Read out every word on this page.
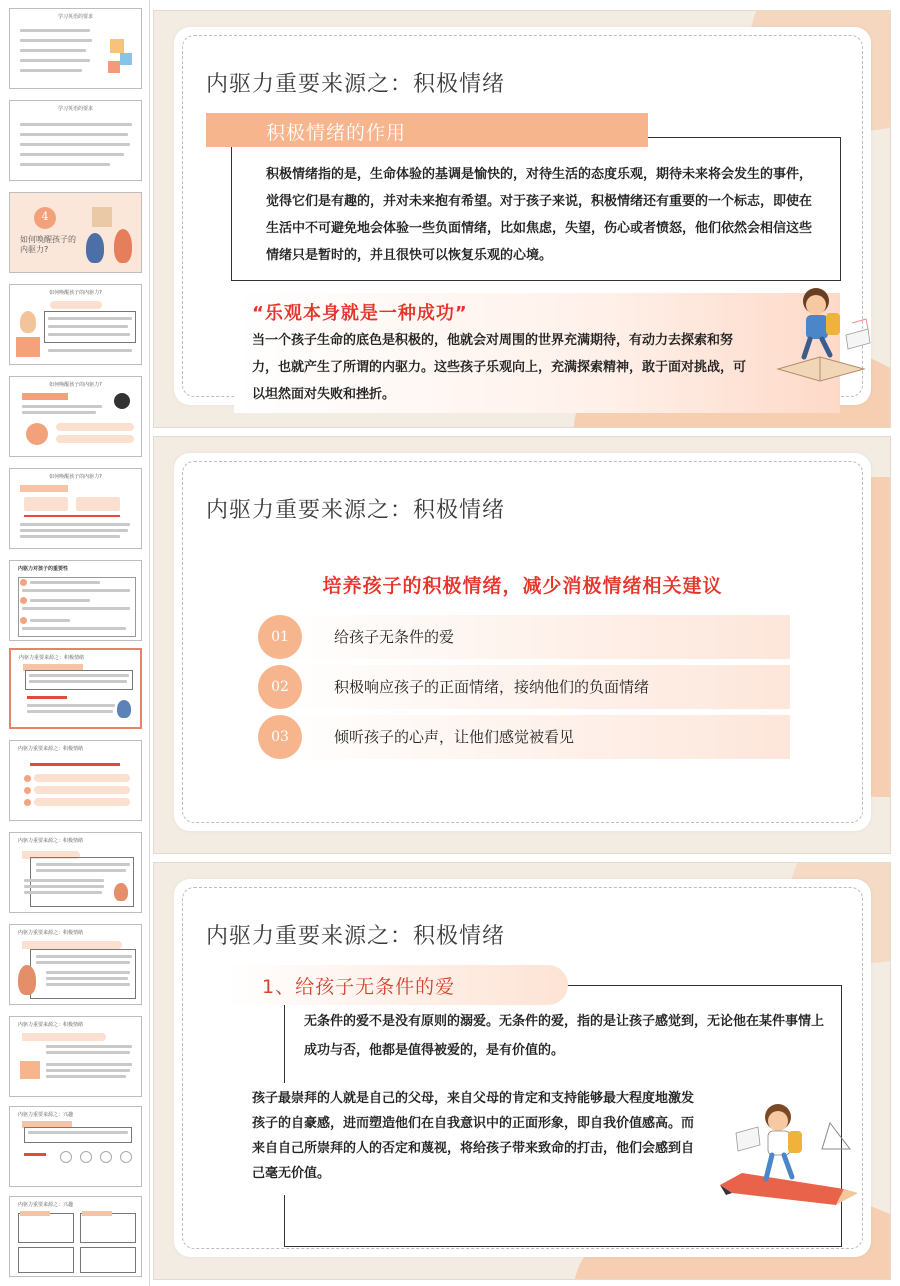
学习英语的要求
学习英语的要求
4
如何唤醒孩子的内驱力?
如何唤醒孩子的内驱力?
如何唤醒孩子的内驱力?
如何唤醒孩子的内驱力?
内驱力对孩子的重要性
内驱力重要来源之：积极情绪
内驱力重要来源之：积极情绪
内驱力重要来源之：积极情绪
内驱力重要来源之：积极情绪
内驱力重要来源之：积极情绪
内驱力重要来源之：兴趣
内驱力重要来源之：兴趣
内驱力重要来源之：积极情绪
积极情绪的作用
积极情绪指的是，生命体验的基调是愉快的，对待生活的态度乐观，期待未来将会发生的事件，觉得它们是有趣的，并对未来抱有希望。对于孩子来说，积极情绪还有重要的一个标志，即使在生活中不可避免地会体验一些负面情绪，比如焦虑，失望，伤心或者愤怒，他们依然会相信这些情绪只是暂时的，并且很快可以恢复乐观的心境。
“乐观本身就是一种成功”
当一个孩子生命的底色是积极的，他就会对周围的世界充满期待，有动力去探索和努力，也就产生了所谓的内驱力。这些孩子乐观向上，充满探索精神，敢于面对挑战，可以坦然面对失败和挫折。
内驱力重要来源之：积极情绪
培养孩子的积极情绪，减少消极情绪相关建议
01	给孩子无条件的爱
02	积极响应孩子的正面情绪，接纳他们的负面情绪
03	倾听孩子的心声，让他们感觉被看见
内驱力重要来源之：积极情绪
1、给孩子无条件的爱
无条件的爱不是没有原则的溺爱。无条件的爱，指的是让孩子感觉到，无论他在某件事情上成功与否，他都是值得被爱的，是有价值的。
孩子最崇拜的人就是自己的父母，来自父母的肯定和支持能够最大程度地激发孩子的自豪感，进而塑造他们在自我意识中的正面形象，即自我价值感高。而来自自己所崇拜的人的否定和蔑视，将给孩子带来致命的打击，他们会感到自己毫无价值。
